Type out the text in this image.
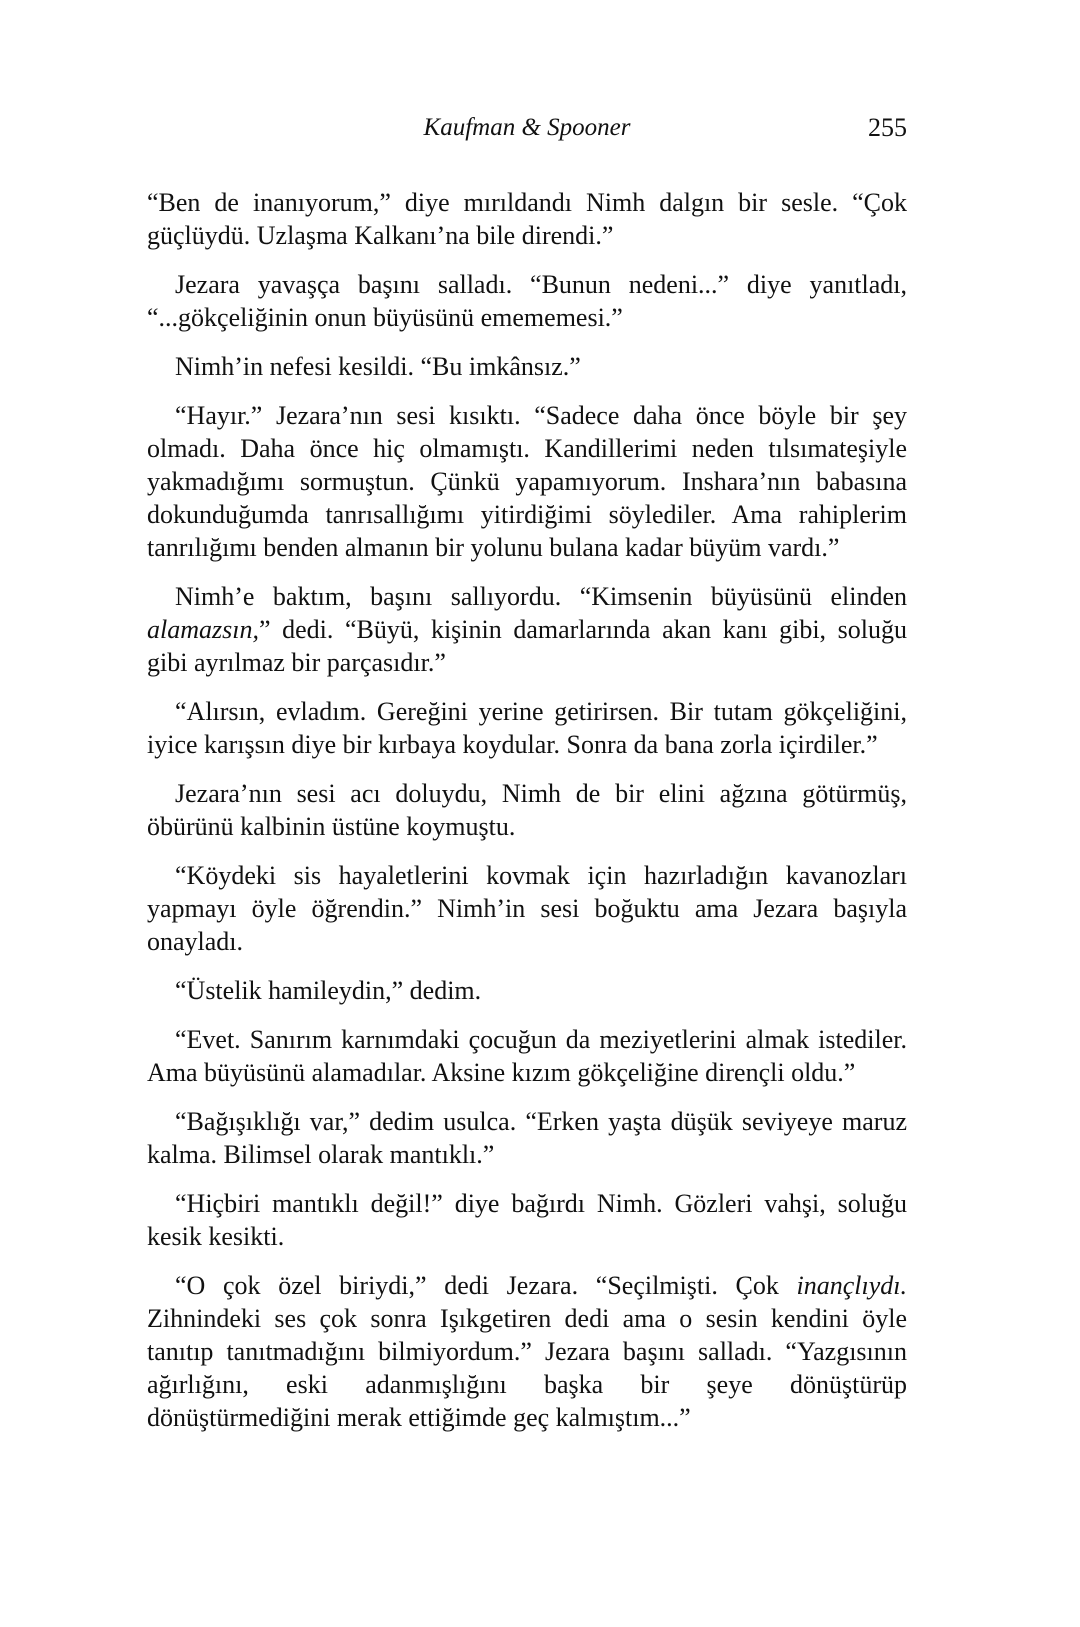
Kaufman & Spooner	255

“Ben de inanıyorum,” diye mırıldandı Nimh dalgın bir sesle. “Çok güçlüydü. Uzlaşma Kalkanı’na bile direndi.”

Jezara yavaşça başını salladı. “Bunun nedeni...” diye yanıtladı, “...gökçeliğinin onun büyüsünü emememesi.”

Nimh’in nefesi kesildi. “Bu imkânsız.”

“Hayır.” Jezara’nın sesi kısıktı. “Sadece daha önce böyle bir şey olmadı. Daha önce hiç olmamıştı. Kandillerimi neden tılsımateşiyle yakmadığımı sormuştun. Çünkü yapamıyorum. Inshara’nın babasına dokunduğumda tanrısallığımı yitirdiğimi söylediler. Ama rahiplerim tanrılığımı benden almanın bir yolunu bulana kadar büyüm vardı.”

Nimh’e baktım, başını sallıyordu. “Kimsenin büyüsünü elinden alamazsın,” dedi. “Büyü, kişinin damarlarında akan kanı gibi, soluğu gibi ayrılmaz bir parçasıdır.”

“Alırsın, evladım. Gereğini yerine getirirsen. Bir tutam gökçeliğini, iyice karışsın diye bir kırbaya koydular. Sonra da bana zorla içirdiler.”

Jezara’nın sesi acı doluydu, Nimh de bir elini ağzına götürmüş, öbürünü kalbinin üstüne koymuştu.

“Köydeki sis hayaletlerini kovmak için hazırladığın kavanozları yapmayı öyle öğrendin.” Nimh’in sesi boğuktu ama Jezara başıyla onayladı.

“Üstelik hamileydin,” dedim.

“Evet. Sanırım karnımdaki çocuğun da meziyetlerini almak istediler. Ama büyüsünü alamadılar. Aksine kızım gökçeliğine dirençli oldu.”

“Bağışıklığı var,” dedim usulca. “Erken yaşta düşük seviyeye maruz kalma. Bilimsel olarak mantıklı.”

“Hiçbiri mantıklı değil!” diye bağırdı Nimh. Gözleri vahşi, soluğu kesik kesikti.

“O çok özel biriydi,” dedi Jezara. “Seçilmişti. Çok inançlıydı. Zihnindeki ses çok sonra Işıkgetiren dedi ama o sesin kendini öyle tanıtıp tanıtmadığını bilmiyordum.” Jezara başını salladı. “Yazgısının ağırlığını, eski adanmışlığını başka bir şeye dönüştürüp dönüştürmediğini merak ettiğimde geç kalmıştım...”
